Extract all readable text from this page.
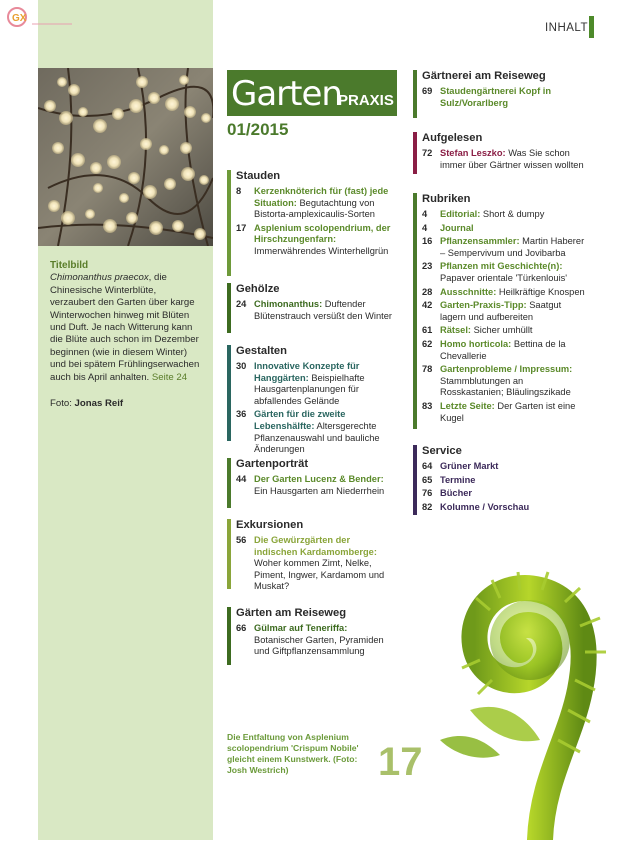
GX
Titelbild
Chimonanthus praecox, die Chinesische Winterblüte, verzaubert den Garten über karge Winterwochen hinweg mit Blüten und Duft. Je nach Witterung kann die Blüte auch schon im Dezember beginnen (wie in diesem Winter) und bei spätem Frühlingserwachen auch bis April anhalten. Seite 24
Foto: Jonas Reif
INHALT
Garten
PRAXIS
01/2015
Stauden
8	Kerzenknöterich für (fast) jede Situation: Begutachtung von Bistorta-amplexicaulis-Sorten
17 Asplenium scolopendrium, der Hirschzungenfarn: Immerwährendes Winterhellgrün
Gehölze
24 Chimonanthus: Duftender Blütenstrauch versüßt den Winter
Gestalten
30 Innovative Konzepte für Hanggärten: Beispielhafte Hausgartenplanungen für abfallendes Gelände
36 Gärten für die zweite Lebenshälfte: Altersgerechte Pflanzenauswahl und bauliche Änderungen
Gartenporträt
44 Der Garten Lucenz & Bender: Ein Hausgarten am Niederrhein
Exkursionen
56 Die Gewürzgärten der indischen Kardamomberge: Woher kommen Zimt, Nelke, Piment, Ingwer, Kardamom und Muskat?
Gärten am Reiseweg
66 Gülmar auf Teneriffa: Botanischer Garten, Pyramiden und Giftpflanzensammlung
Gärtnerei am Reiseweg
69 Staudengärtnerei Kopf in Sulz/Vorarlberg
Aufgelesen
72 Stefan Leszko: Was Sie schon immer über Gärtner wissen wollten
Rubriken
4	Editorial: Short & dumpy
4	Journal
16 Pflanzensammler: Martin Haberer – Sempervivum und Jovibarba
23 Pflanzen mit Geschichte(n): Papaver orientale 'Türkenlouis'
28 Ausschnitte: Heilkräftige Knospen
42 Garten-Praxis-Tipp: Saatgut lagern und aufbereiten
61 Rätsel: Sicher umhüllt
62 Homo horticola: Bettina de la Chevallerie
78 Gartenprobleme / Impressum: Stammblutungen an Rosskastanien; Bläulingszikade
83 Letzte Seite: Der Garten ist eine Kugel
Service
64 Grüner Markt
65 Termine
76 Bücher
82 Kolumne / Vorschau
Die Entfaltung von Asplenium scolopendrium 'Crispum Nobile' gleicht einem Kunstwerk. (Foto: Josh Westrich)	17
